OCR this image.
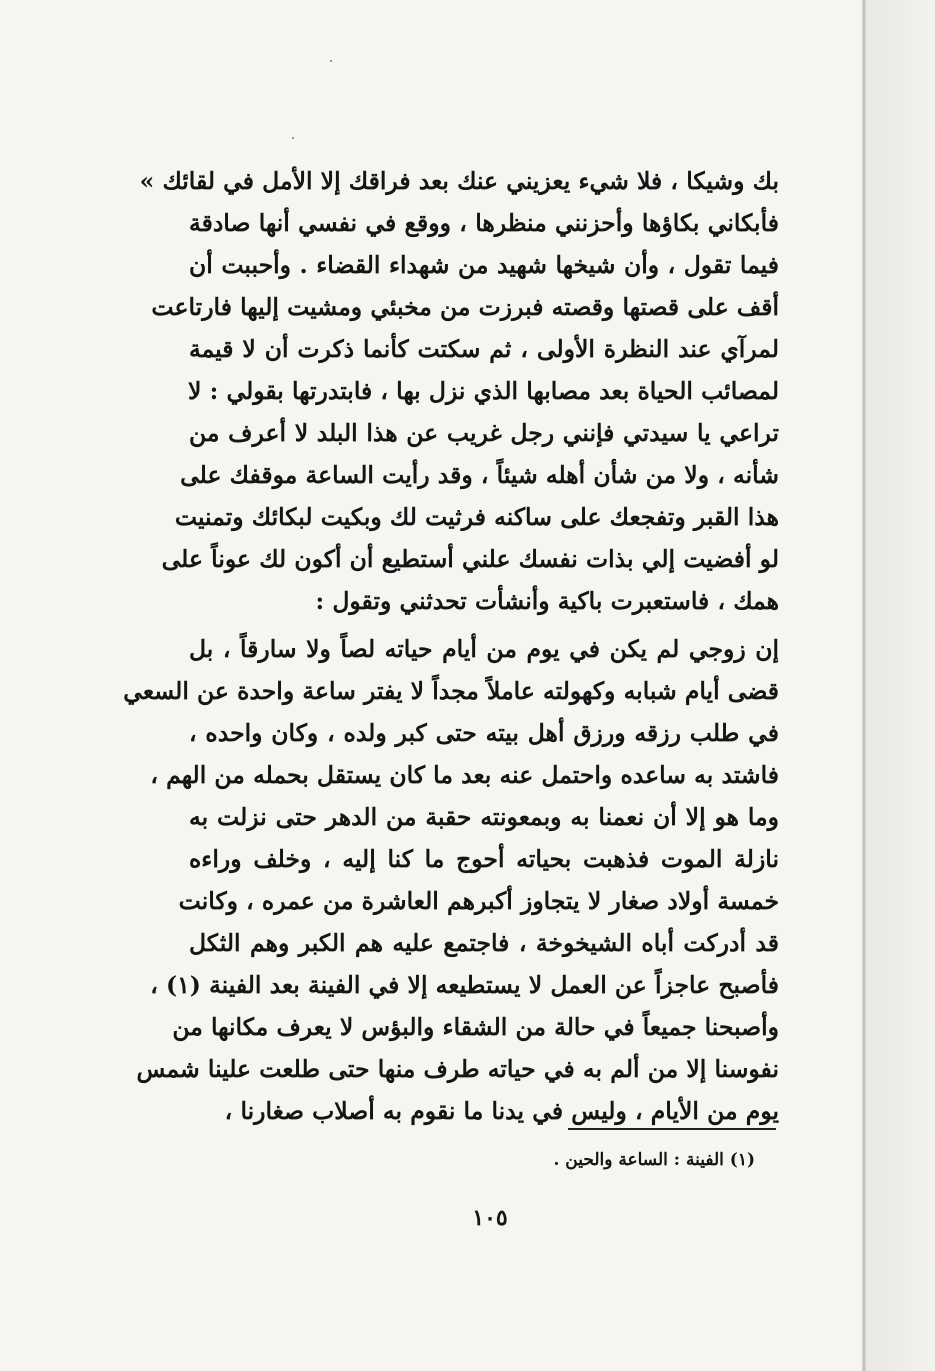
بك وشيكا ، فلا شيء يعزيني عنك بعد فراقك إلا الأمل في لقائك »
فأبكاني بكاؤها وأحزنني منظرها ، ووقع في نفسي أنها صادقة
فيما تقول ، وأن شيخها شهيد من شهداء القضاء . وأحببت أن
أقف على قصتها وقصته فبرزت من مخبئي ومشيت إليها فارتاعت
لمرآي عند النظرة الأولى ، ثم سكتت كأنما ذكرت أن لا قيمة
لمصائب الحياة بعد مصابها الذي نزل بها ، فابتدرتها بقولي : لا
تراعي يا سيدتي فإنني رجل غريب عن هذا البلد لا أعرف من
شأنه ، ولا من شأن أهله شيئاً ، وقد رأيت الساعة موقفك على
هذا القبر وتفجعك على ساكنه فرثيت لك وبكيت لبكائك وتمنيت
لو أفضيت إلي بذات نفسك علني أستطيع أن أكون لك عوناً على
همك ، فاستعبرت باكية وأنشأت تحدثني وتقول :
إن زوجي لم يكن في يوم من أيام حياته لصاً ولا سارقاً ، بل
قضى أيام شبابه وكهولته عاملاً مجداً لا يفتر ساعة واحدة عن السعي
في طلب رزقه ورزق أهل بيته حتى كبر ولده ، وكان واحده ،
فاشتد به ساعده واحتمل عنه بعد ما كان يستقل بحمله من الهم ،
وما هو إلا أن نعمنا به وبمعونته حقبة من الدهر حتى نزلت به
نازلة الموت فذهبت بحياته أحوج ما كنا إليه ، وخلف وراءه
خمسة أولاد صغار لا يتجاوز أكبرهم العاشرة من عمره ، وكانت
قد أدركت أباه الشيخوخة ، فاجتمع عليه هم الكبر وهم الثكل
فأصبح عاجزاً عن العمل لا يستطيعه إلا في الفينة بعد الفينة (١) ،
وأصبحنا جميعاً في حالة من الشقاء والبؤس لا يعرف مكانها من
نفوسنا إلا من ألم به في حياته طرف منها حتى طلعت علينا شمس
يوم من الأيام ، وليس في يدنا ما نقوم به أصلاب صغارنا ،
(١) الفينة : الساعة والحين .
١٠٥
